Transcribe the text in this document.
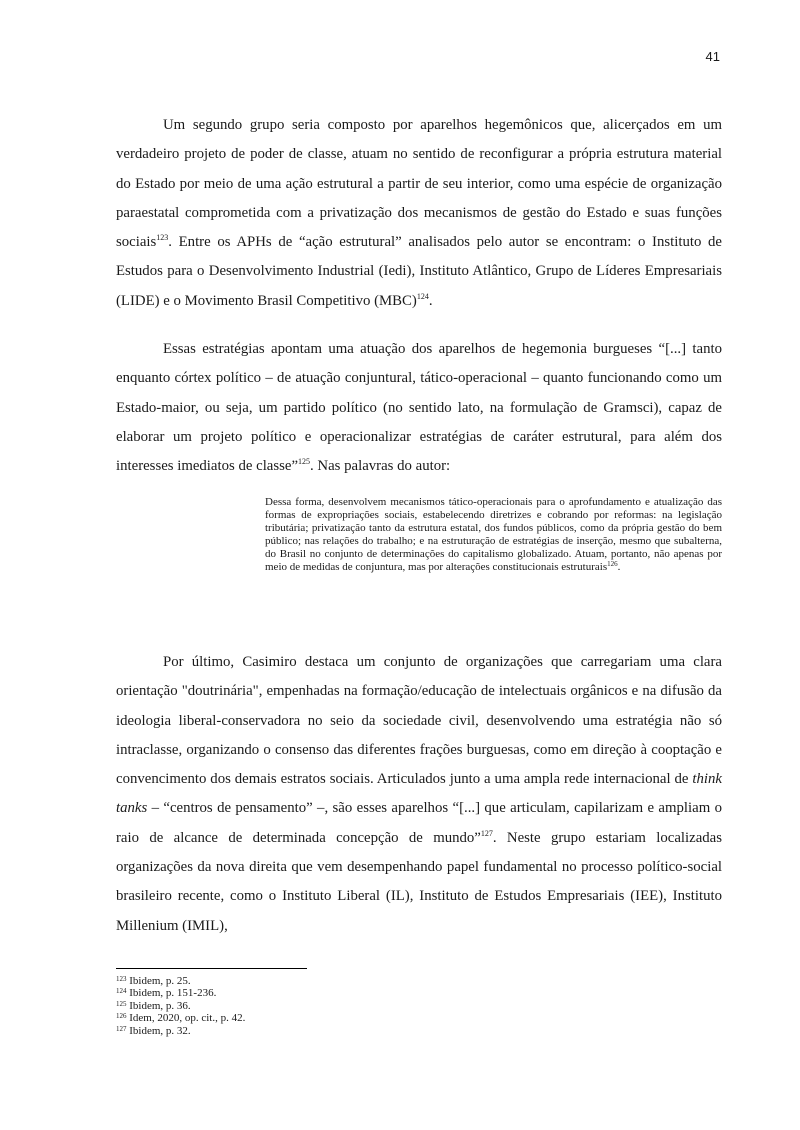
41

Um segundo grupo seria composto por aparelhos hegemônicos que, alicerçados em um verdadeiro projeto de poder de classe, atuam no sentido de reconfigurar a própria estrutura material do Estado por meio de uma ação estrutural a partir de seu interior, como uma espécie de organização paraestatal comprometida com a privatização dos mecanismos de gestão do Estado e suas funções sociais$^{123}$. Entre os APHs de “ação estrutural” analisados pelo autor se encontram: o Instituto de Estudos para o Desenvolvimento Industrial (Iedi), Instituto Atlântico, Grupo de Líderes Empresariais (LIDE) e o Movimento Brasil Competitivo (MBC)$^{124}$.

Essas estratégias apontam uma atuação dos aparelhos de hegemonia burgueses “[...] tanto enquanto córtex político – de atuação conjuntural, tático-operacional – quanto funcionando como um Estado-maior, ou seja, um partido político (no sentido lato, na formulação de Gramsci), capaz de elaborar um projeto político e operacionalizar estratégias de caráter estrutural, para além dos interesses imediatos de classe”$^{125}$. Nas palavras do autor:

Dessa forma, desenvolvem mecanismos tático-operacionais para o aprofundamento e atualização das formas de expropriações sociais, estabelecendo diretrizes e cobrando por reformas: na legislação tributária; privatização tanto da estrutura estatal, dos fundos públicos, como da própria gestão do bem público; nas relações do trabalho; e na estruturação de estratégias de inserção, mesmo que subalterna, do Brasil no conjunto de determinações do capitalismo globalizado. Atuam, portanto, não apenas por meio de medidas de conjuntura, mas por alterações constitucionais estruturais$^{126}$.

Por último, Casimiro destaca um conjunto de organizações que carregariam uma clara orientação "doutrinária", empenhadas na formação/educação de intelectuais orgânicos e na difusão da ideologia liberal-conservadora no seio da sociedade civil, desenvolvendo uma estratégia não só intraclasse, organizando o consenso das diferentes frações burguesas, como em direção à cooptação e convencimento dos demais estratos sociais. Articulados junto a uma ampla rede internacional de think tanks – “centros de pensamento” –, são esses aparelhos “[...] que articulam, capilarizam e ampliam o raio de alcance de determinada concepção de mundo”$^{127}$. Neste grupo estariam localizadas organizações da nova direita que vem desempenhando papel fundamental no processo político-social brasileiro recente, como o Instituto Liberal (IL), Instituto de Estudos Empresariais (IEE), Instituto Millenium (IMIL),

$^{123}$ Ibidem, p. 25.
$^{124}$ Ibidem, p. 151-236.
$^{125}$ Ibidem, p. 36.
$^{126}$ Idem, 2020, op. cit., p. 42.
$^{127}$ Ibidem, p. 32.
